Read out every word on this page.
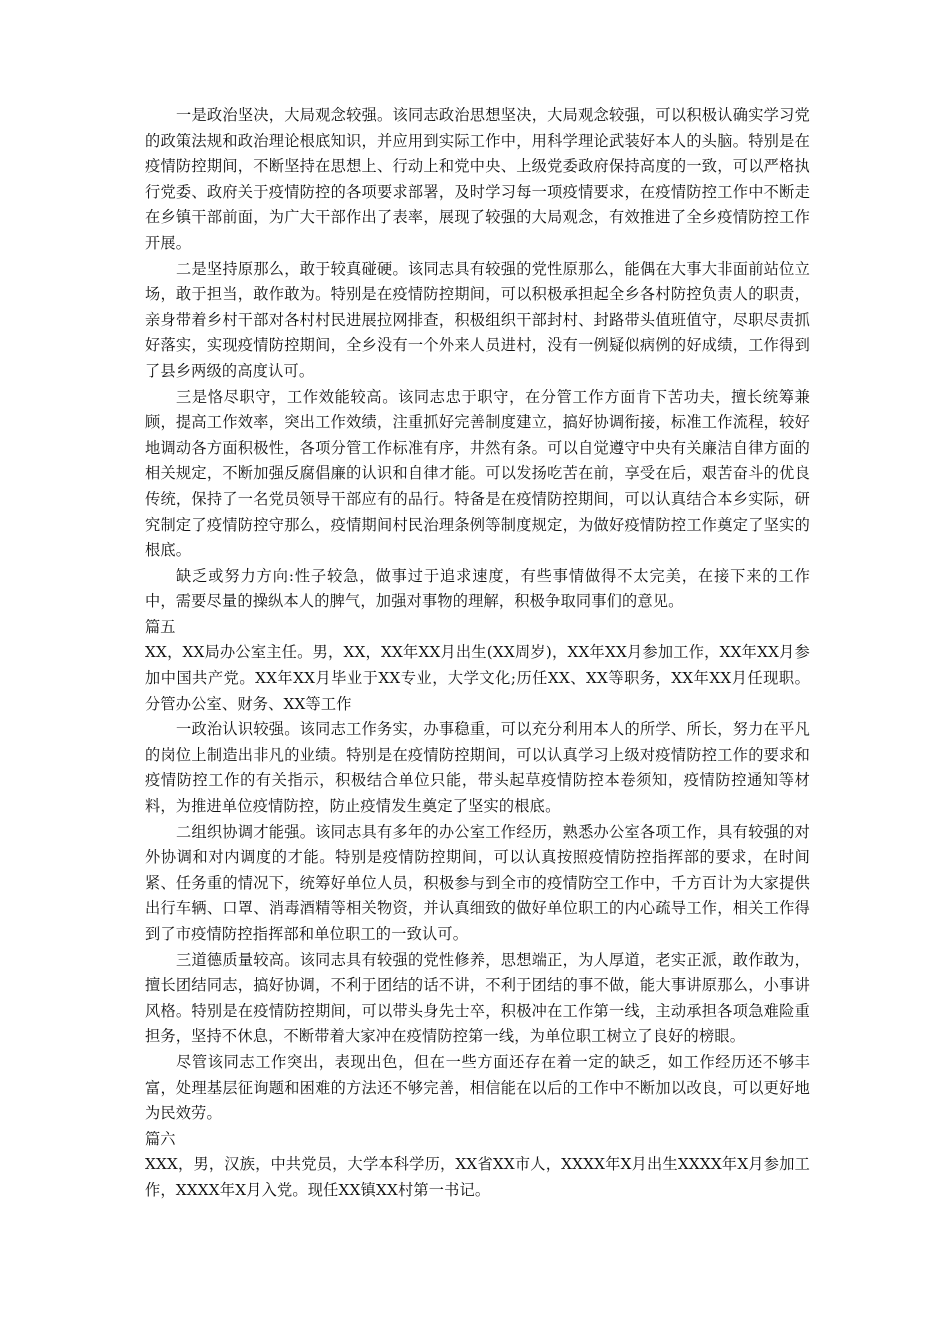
一是政治坚决，大局观念较强。该同志政治思想坚决，大局观念较强，可以积极认确实学习党的政策法规和政治理论根底知识，并应用到实际工作中，用科学理论武装好本人的头脑。特别是在疫情防控期间，不断坚持在思想上、行动上和党中央、上级党委政府保持高度的一致，可以严格执行党委、政府关于疫情防控的各项要求部署，及时学习每一项疫情要求，在疫情防控工作中不断走在乡镇干部前面，为广大干部作出了表率，展现了较强的大局观念，有效推进了全乡疫情防控工作开展。

二是坚持原那么，敢于较真碰硬。该同志具有较强的党性原那么，能偶在大事大非面前站位立场，敢于担当，敢作敢为。特别是在疫情防控期间，可以积极承担起全乡各村防控负责人的职责，亲身带着乡村干部对各村村民进展拉网排查，积极组织干部封村、封路带头值班值守，尽职尽责抓好落实，实现疫情防控期间，全乡没有一个外来人员进村，没有一例疑似病例的好成绩，工作得到了县乡两级的高度认可。

三是恪尽职守，工作效能较高。该同志忠于职守，在分管工作方面肯下苦功夫，擅长统筹兼顾，提高工作效率，突出工作效绩，注重抓好完善制度建立，搞好协调衔接，标准工作流程，较好地调动各方面积极性，各项分管工作标准有序，井然有条。可以自觉遵守中央有关廉洁自律方面的相关规定，不断加强反腐倡廉的认识和自律才能。可以发扬吃苦在前，享受在后，艰苦奋斗的优良传统，保持了一名党员领导干部应有的品行。特备是在疫情防控期间，可以认真结合本乡实际，研究制定了疫情防控守那么，疫情期间村民治理条例等制度规定，为做好疫情防控工作奠定了坚实的根底。

缺乏或努力方向:性子较急，做事过于追求速度，有些事情做得不太完美，在接下来的工作中，需要尽量的操纵本人的脾气，加强对事物的理解，积极争取同事们的意见。

篇五

XX，XX局办公室主任。男，XX，XX年XX月出生(XX周岁)，XX年XX月参加工作，XX年XX月参加中国共产党。XX年XX月毕业于XX专业，大学文化;历任XX、XX等职务，XX年XX月任现职。分管办公室、财务、XX等工作

一政治认识较强。该同志工作务实，办事稳重，可以充分利用本人的所学、所长，努力在平凡的岗位上制造出非凡的业绩。特别是在疫情防控期间，可以认真学习上级对疫情防控工作的要求和疫情防控工作的有关指示，积极结合单位只能，带头起草疫情防控本卷须知，疫情防控通知等材料，为推进单位疫情防控，防止疫情发生奠定了坚实的根底。

二组织协调才能强。该同志具有多年的办公室工作经历，熟悉办公室各项工作，具有较强的对外协调和对内调度的才能。特别是疫情防控期间，可以认真按照疫情防控指挥部的要求，在时间紧、任务重的情况下，统筹好单位人员，积极参与到全市的疫情防空工作中，千方百计为大家提供出行车辆、口罩、消毒酒精等相关物资，并认真细致的做好单位职工的内心疏导工作，相关工作得到了市疫情防控指挥部和单位职工的一致认可。

三道德质量较高。该同志具有较强的党性修养，思想端正，为人厚道，老实正派，敢作敢为，擅长团结同志，搞好协调，不利于团结的话不讲，不利于团结的事不做，能大事讲原那么，小事讲风格。特别是在疫情防控期间，可以带头身先士卒，积极冲在工作第一线，主动承担各项急难险重担务，坚持不休息，不断带着大家冲在疫情防控第一线，为单位职工树立了良好的榜眼。

尽管该同志工作突出，表现出色，但在一些方面还存在着一定的缺乏，如工作经历还不够丰富，处理基层征询题和困难的方法还不够完善，相信能在以后的工作中不断加以改良，可以更好地为民效劳。

篇六

XXX，男，汉族，中共党员，大学本科学历，XX省XX市人，XXXX年X月出生XXXX年X月参加工作，XXXX年X月入党。现任XX镇XX村第一书记。
